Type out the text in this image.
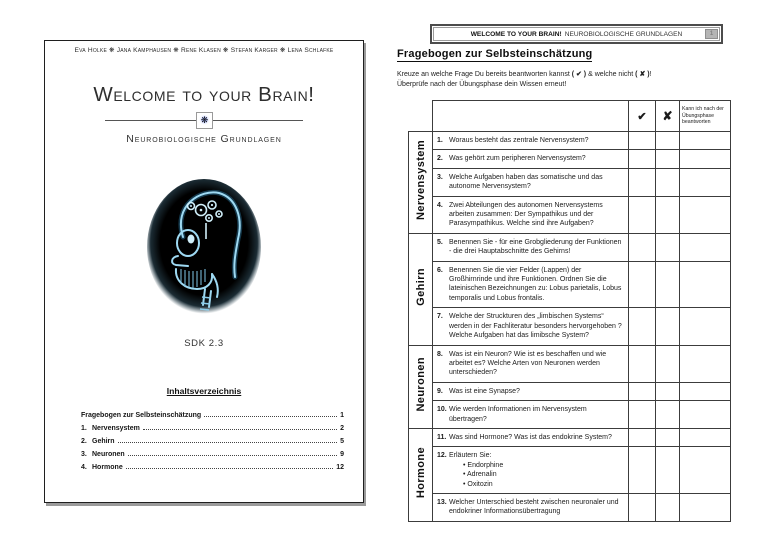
Eva Holke ❋ Jana Kamphausen ❋ Rene Klasen ❋ Stefan Karger ❋ Lena Schlafke
Welcome to your Brain!
❋
Neurobiologische Grundlagen
SDK 2.3
Inhaltsverzeichnis
Fragebogen zur Selbsteinschätzung	1
1. Nervensystem	2
2. Gehirn	5
3. Neuronen	9
4. Hormone	12
WELCOME TO YOUR BRAIN! NEUROBIOLOGISCHE GRUNDLAGEN	1
Fragebogen zur Selbsteinschätzung
Kreuze an welche Frage Du bereits beantworten kannst ( ✔ ) & welche nicht ( ✘ )!
Überprüfe nach der Übungsphase dein Wissen erneut!
		✔	✘	Kann ich nach der Übungsphase beantworten
Nervensystem	1. Woraus besteht das zentrale Nervensystem?			

	2. Was gehört zum peripheren Nervensystem?			

	3. Welche Aufgaben haben das somatische und das autonome Nervensystem?			

	4. Zwei Abteilungen des autonomen Nervensystems arbeiten zusammen: Der Sympathikus und der Parasympathikus. Welche sind ihre Aufgaben?			

Gehirn	5. Benennen Sie - für eine Grobgliederung der Funktionen - die drei Hauptabschnitte des Gehirns!			

	6. Benennen Sie die vier Felder (Lappen) der Großhirnrinde und ihre Funktionen. Ordnen Sie die lateinischen Bezeichnungen zu: Lobus parietalis, Lobus temporalis und Lobus frontalis.			

	7. Welche der Struckturen des „limbischen Systems“ werden in der Fachliteratur besonders hervorgehoben ? Welche Aufgaben hat das limibsche System?			

Neuronen	8. Was ist ein Neuron? Wie ist es beschaffen und wie arbeitet es? Welche Arten von Neuronen werden unterschieden?			

	9. Was ist eine Synapse?			

	10. Wie werden Informationen im Nervensystem übertragen?			

Hormone	11. Was sind Hormone? Was ist das endokrine System?			

12. Erläutern Sie:
• Endorphine
• Adrenalin
• Oxitozin

	13. Welcher Unterschied besteht zwischen neuronaler und endokriner Informationsübertragung			
